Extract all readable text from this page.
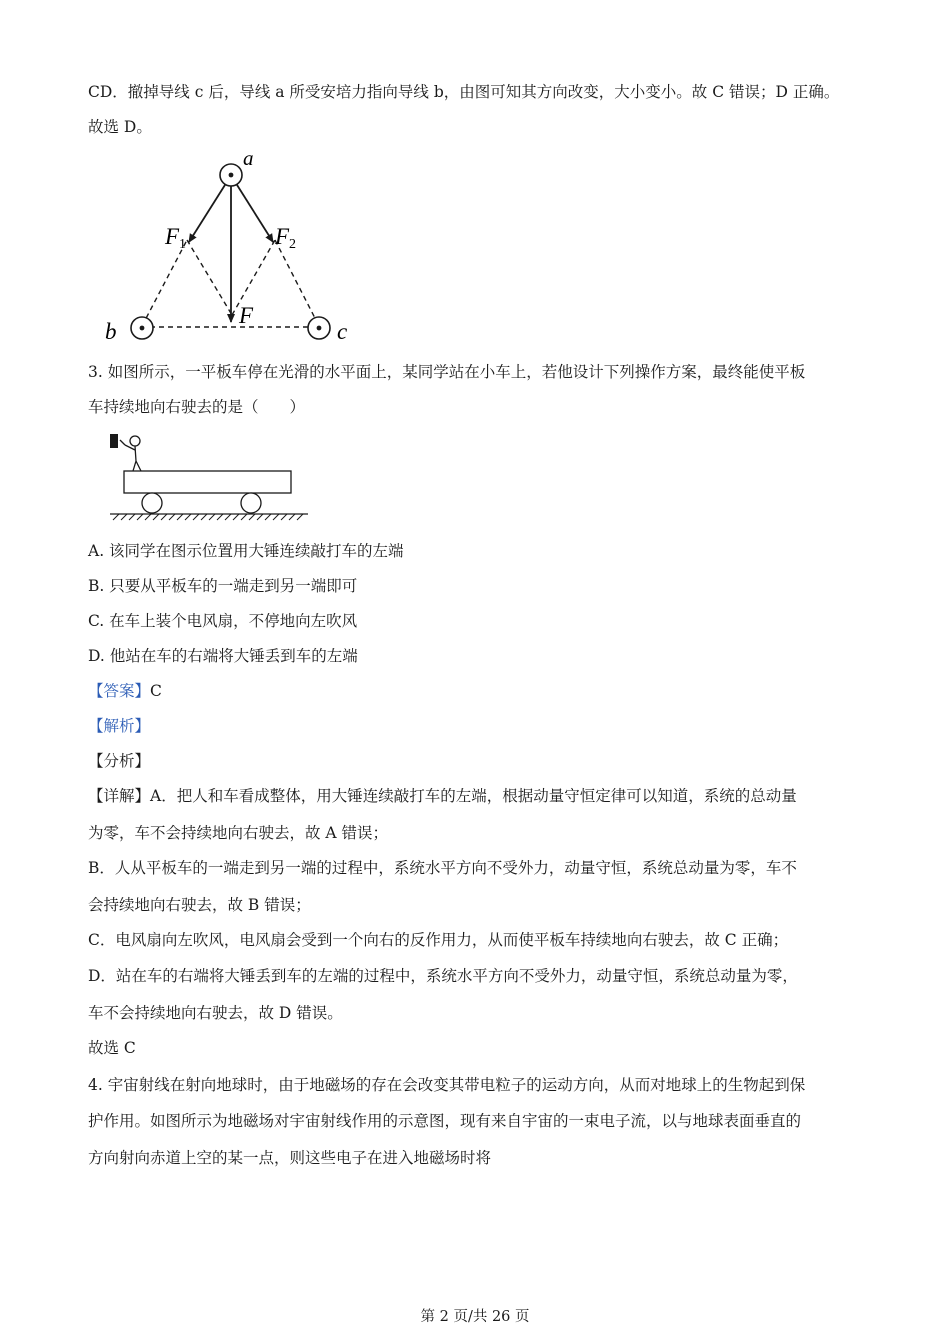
CD．撤掉导线 c 后，导线 a 所受安培力指向导线 b，由图可知其方向改变，大小变小。故 C 错误；D 正确。
故选 D。
a
b	c
F 1	F 2
F
3. 如图所示，一平板车停在光滑的水平面上，某同学站在小车上，若他设计下列操作方案，最终能使平板
车持续地向右驶去的是（　　）
A. 该同学在图示位置用大锤连续敲打车的左端
B. 只要从平板车的一端走到另一端即可
C. 在车上装个电风扇，不停地向左吹风
D. 他站在车的右端将大锤丢到车的左端
【答案】C
【解析】
【分析】
【详解】A．把人和车看成整体，用大锤连续敲打车的左端，根据动量守恒定律可以知道，系统的总动量
为零，车不会持续地向右驶去，故 A 错误；
B．人从平板车的一端走到另一端的过程中，系统水平方向不受外力，动量守恒，系统总动量为零，车不
会持续地向右驶去，故 B 错误；
C．电风扇向左吹风，电风扇会受到一个向右的反作用力，从而使平板车持续地向右驶去，故 C 正确；
D．站在车的右端将大锤丢到车的左端的过程中，系统水平方向不受外力，动量守恒，系统总动量为零，
车不会持续地向右驶去，故 D 错误。
故选 C
4. 宇宙射线在射向地球时，由于地磁场的存在会改变其带电粒子的运动方向，从而对地球上的生物起到保
护作用。如图所示为地磁场对宇宙射线作用的示意图，现有来自宇宙的一束电子流，以与地球表面垂直的
方向射向赤道上空的某一点，则这些电子在进入地磁场时将
第 2 页/共 26 页
